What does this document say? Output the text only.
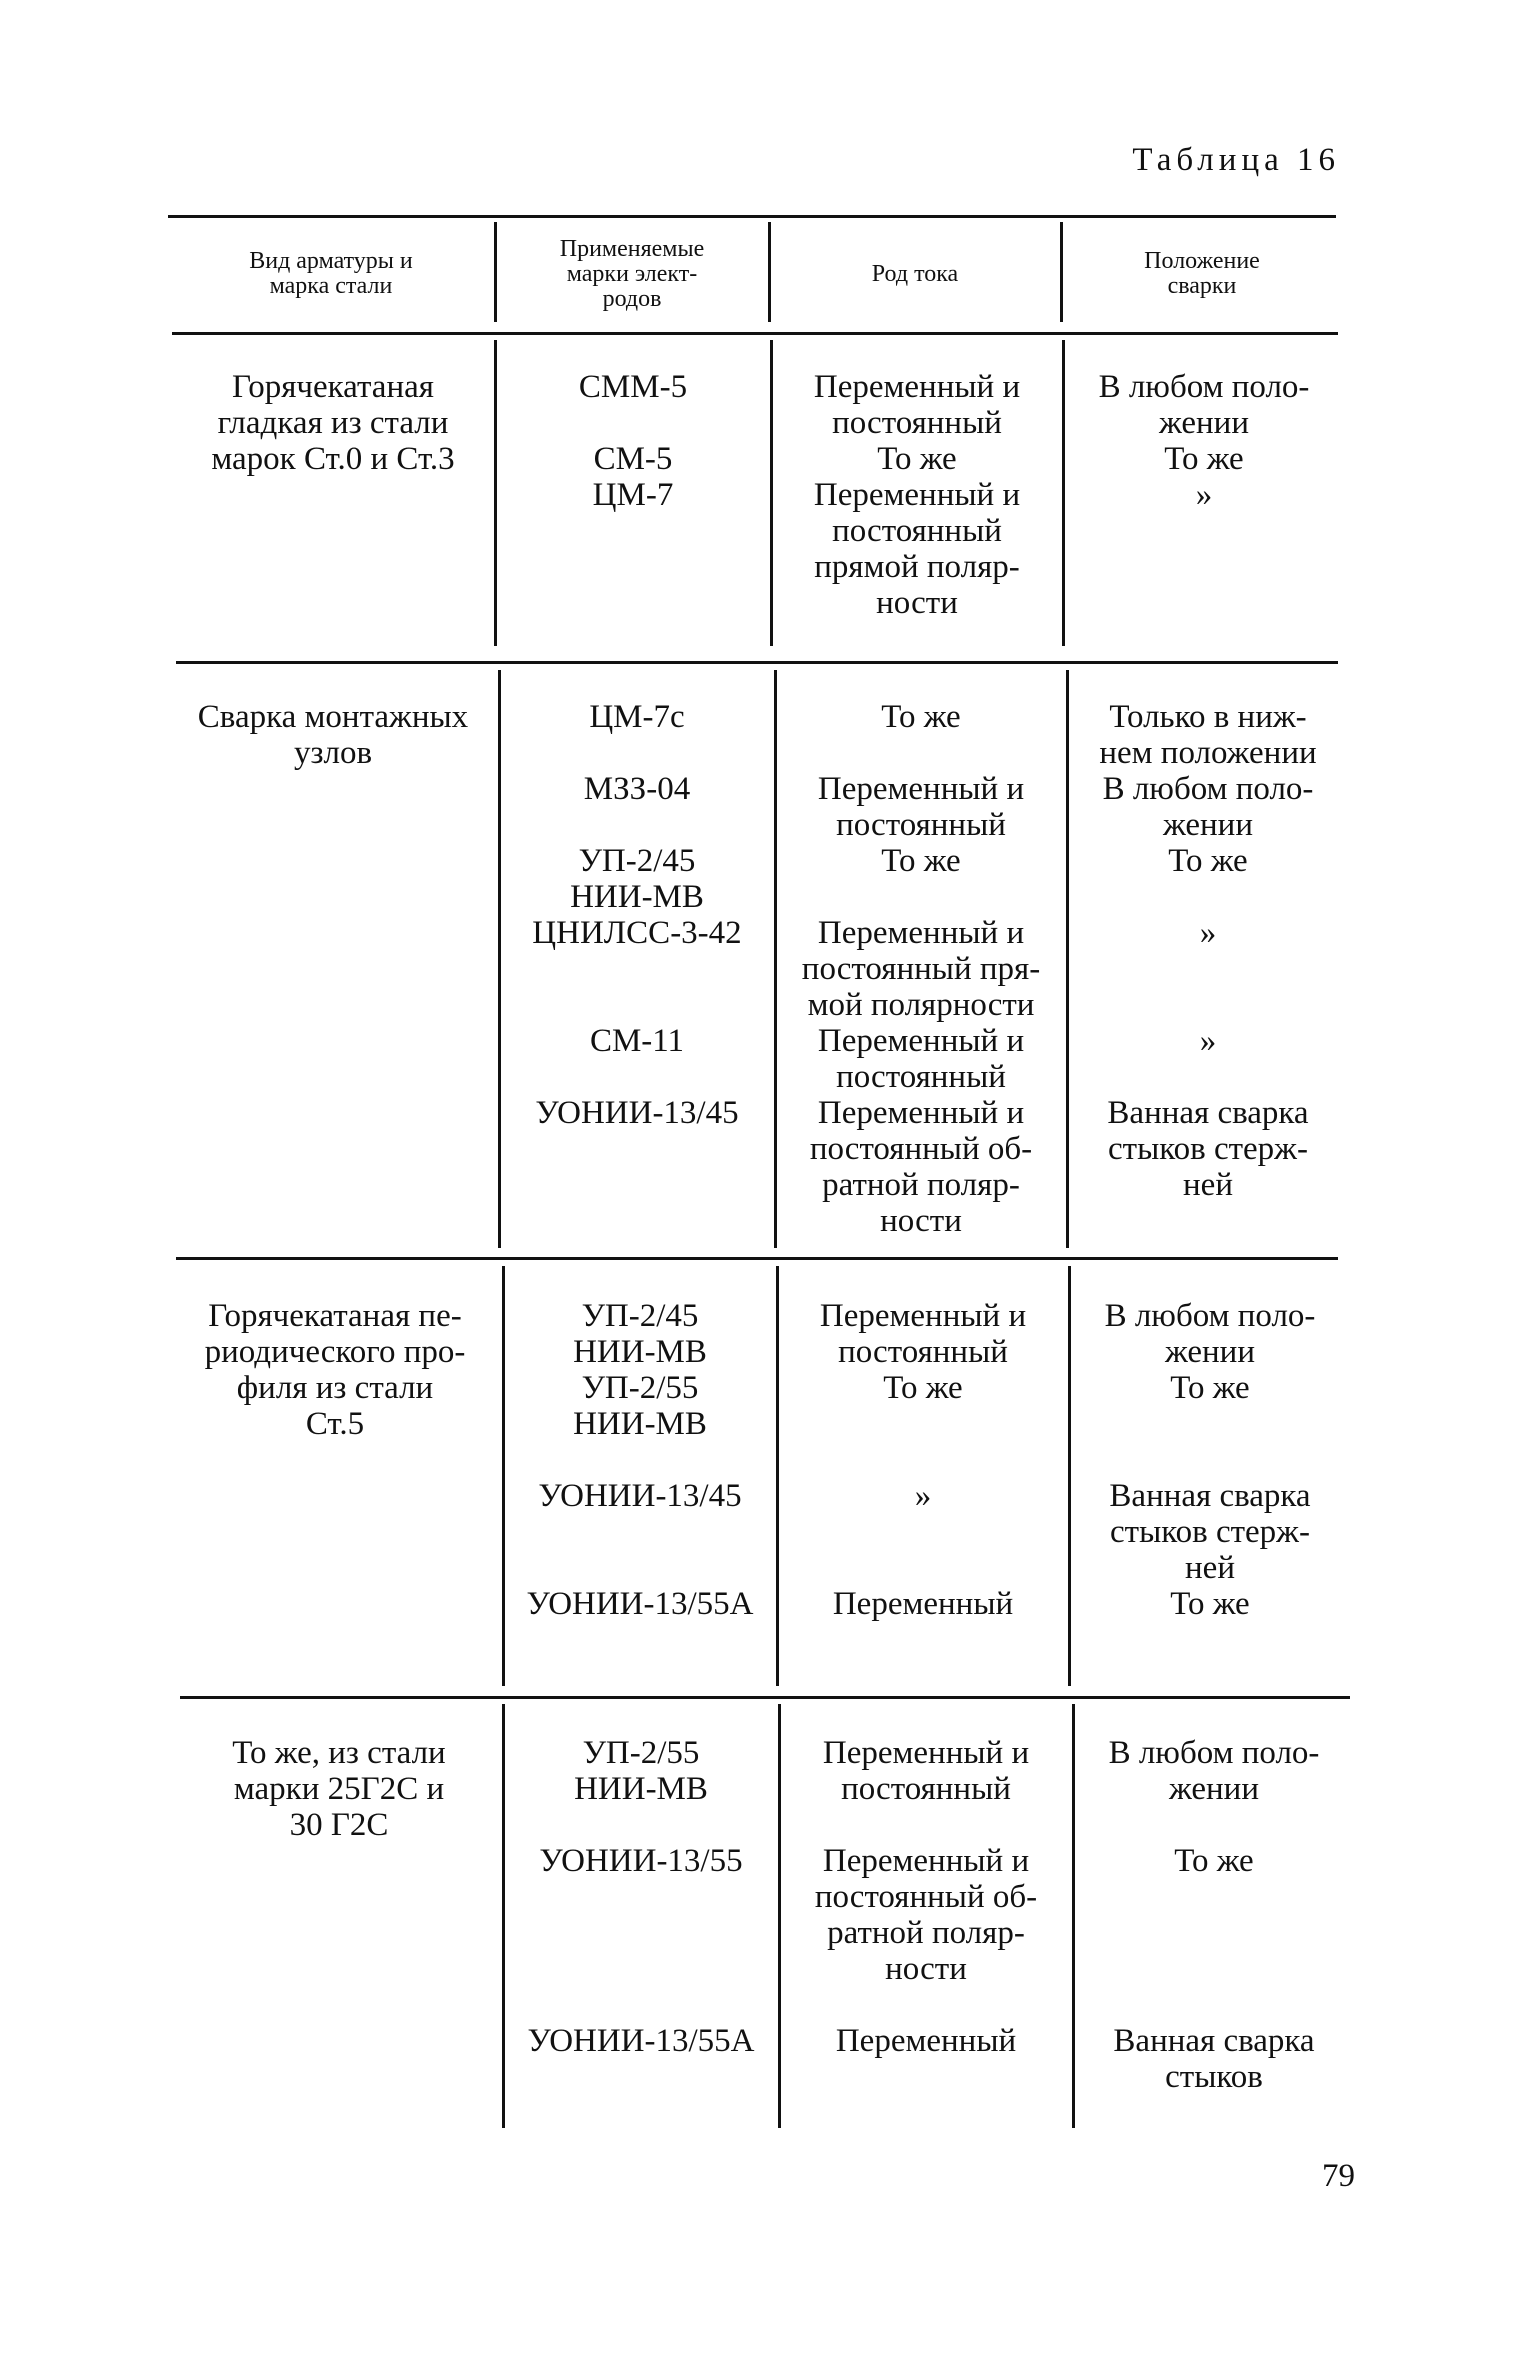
Таблица 16
Вид арматуры и
марка стали
Применяемые
марки элект-
родов
Род тока	Положение
сварки
Горячекатаная
гладкая из стали
марок Ст.0 и Ст.3
СММ-5

СМ-5
ЦМ-7
Переменный и
постоянный
То же
Переменный и
постоянный
прямой поляр-
ности
В любом поло-
жении
То же
»
Сварка монтажных
узлов
ЦМ-7с

МЗЗ-04

УП-2/45
НИИ-МВ
ЦНИЛСС-3-42

СМ-11

УОНИИ-13/45
То же

Переменный и
постоянный
То же

Переменный и
постоянный пря-
мой полярности
Переменный и
постоянный
Переменный и
постоянный об-
ратной поляр-
ности
Только в ниж-
нем положении
В любом поло-
жении
То же

»

»

Ванная сварка
стыков стерж-
ней
Горячекатаная пе-
риодического про-
филя из стали
Ст.5
УП-2/45
НИИ-МВ
УП-2/55
НИИ-МВ

УОНИИ-13/45

УОНИИ-13/55А
Переменный и
постоянный
То же

»

Переменный
В любом поло-
жении
То же

Ванная сварка
стыков стерж-
ней
То же
То же, из стали
марки 25Г2С и
30 Г2С
УП-2/55
НИИ-МВ

УОНИИ-13/55

УОНИИ-13/55А
Переменный и
постоянный

Переменный и
постоянный об-
ратной поляр-
ности

Переменный
В любом поло-
жении

То же

Ванная сварка
стыков
79
